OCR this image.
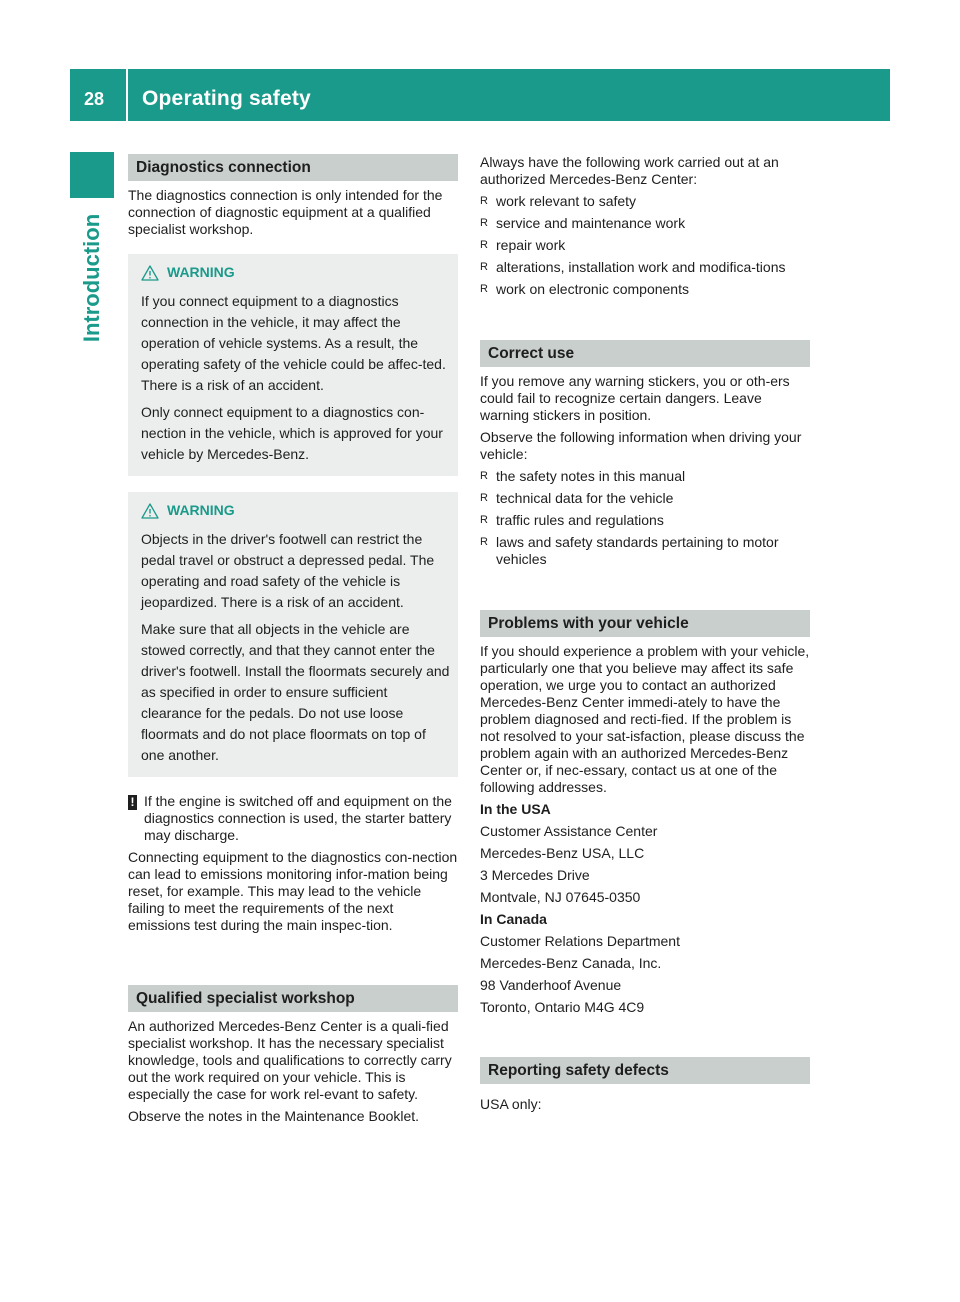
28	Operating safety
Introduction
Diagnostics connection
The diagnostics connection is only intended for the connection of diagnostic equipment at a qualified specialist workshop.
WARNING

If you connect equipment to a diagnostics connection in the vehicle, it may affect the operation of vehicle systems. As a result, the operating safety of the vehicle could be affec-ted. There is a risk of an accident.

Only connect equipment to a diagnostics con-nection in the vehicle, which is approved for your vehicle by Mercedes-Benz.

WARNING

Objects in the driver's footwell can restrict the pedal travel or obstruct a depressed pedal. The operating and road safety of the vehicle is jeopardized. There is a risk of an accident.

Make sure that all objects in the vehicle are stowed correctly, and that they cannot enter the driver's footwell. Install the floormats securely and as specified in order to ensure sufficient clearance for the pedals. Do not use loose floormats and do not place floormats on top of one another.

! If the engine is switched off and equipment on the diagnostics connection is used, the starter battery may discharge.
Connecting equipment to the diagnostics con-nection can lead to emissions monitoring infor-mation being reset, for example. This may lead to the vehicle failing to meet the requirements of the next emissions test during the main inspec-tion.
Qualified specialist workshop
An authorized Mercedes-Benz Center is a quali-fied specialist workshop. It has the necessary specialist knowledge, tools and qualifications to correctly carry out the work required on your vehicle. This is especially the case for work rel-evant to safety.
Observe the notes in the Maintenance Booklet.
Always have the following work carried out at an authorized Mercedes-Benz Center:
R work relevant to safety
R service and maintenance work
R repair work
R alterations, installation work and modifica-tions
R work on electronic components
Correct use
If you remove any warning stickers, you or oth-ers could fail to recognize certain dangers. Leave warning stickers in position.
Observe the following information when driving your vehicle:
R the safety notes in this manual
R technical data for the vehicle
R traffic rules and regulations
R laws and safety standards pertaining to motor vehicles
Problems with your vehicle
If you should experience a problem with your vehicle, particularly one that you believe may affect its safe operation, we urge you to contact an authorized Mercedes-Benz Center immedi-ately to have the problem diagnosed and recti-fied. If the problem is not resolved to your sat-isfaction, please discuss the problem again with an authorized Mercedes-Benz Center or, if nec-essary, contact us at one of the following addresses.
In the USA
Customer Assistance Center
Mercedes-Benz USA, LLC
3 Mercedes Drive
Montvale, NJ 07645-0350
In Canada
Customer Relations Department
Mercedes-Benz Canada, Inc.
98 Vanderhoof Avenue
Toronto, Ontario M4G 4C9
Reporting safety defects
USA only:
